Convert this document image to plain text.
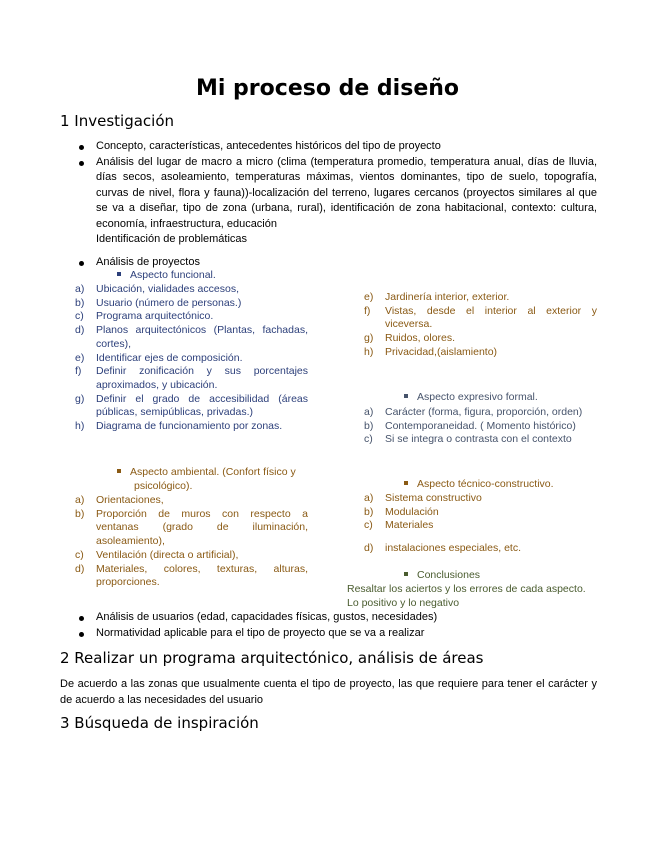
Mi proceso de diseño
1 Investigación
Concepto, características, antecedentes históricos del tipo de proyecto
Análisis del lugar de macro a micro (clima (temperatura promedio, temperatura anual, días de lluvia, días secos, asoleamiento, temperaturas máximas, vientos dominantes, tipo de suelo, topografía, curvas de nivel, flora y fauna))-localización del terreno, lugares cercanos (proyectos similares al que se va a diseñar, tipo de zona (urbana, rural), identificación de zona habitacional, contexto: cultura, economía, infraestructura, educación
Identificación de problemáticas
Análisis de proyectos
Aspecto funcional.
a) Ubicación, vialidades accesos,
b) Usuario (número de personas.)
c) Programa arquitectónico.
d) Planos arquitectónicos (Plantas, fachadas, cortes),
e) Identificar ejes de composición.
f) Definir zonificación y sus porcentajes aproximados, y ubicación.
g) Definir el grado de accesibilidad (áreas públicas, semipúblicas, privadas.)
h) Diagrama de funcionamiento por zonas.
e) Jardinería interior, exterior.
f) Vistas, desde el interior al exterior y viceversa.
g) Ruidos, olores.
h) Privacidad,(aislamiento)
Aspecto expresivo formal.
a) Carácter (forma, figura, proporción, orden)
b) Contemporaneidad. ( Momento histórico)
c) Si se integra o contrasta con el contexto
Aspecto ambiental. (Confort físico y psicológico).
a) Orientaciones,
b) Proporción de muros con respecto a ventanas (grado de iluminación, asoleamiento),
c) Ventilación (directa o artificial),
d) Materiales, colores, texturas, alturas, proporciones.
Aspecto técnico-constructivo.
a) Sistema constructivo
b) Modulación
c) Materiales
d) instalaciones especiales, etc.
Conclusiones
Resaltar los aciertos y los errores de cada aspecto.
Lo positivo y lo negativo
Análisis de usuarios (edad, capacidades físicas, gustos, necesidades)
Normatividad aplicable para el tipo de proyecto que se va a realizar
2 Realizar un programa arquitectónico, análisis de áreas
De acuerdo a las zonas que usualmente cuenta el tipo de proyecto, las que requiere para tener el carácter y de acuerdo a las necesidades del usuario
3 Búsqueda de inspiración
